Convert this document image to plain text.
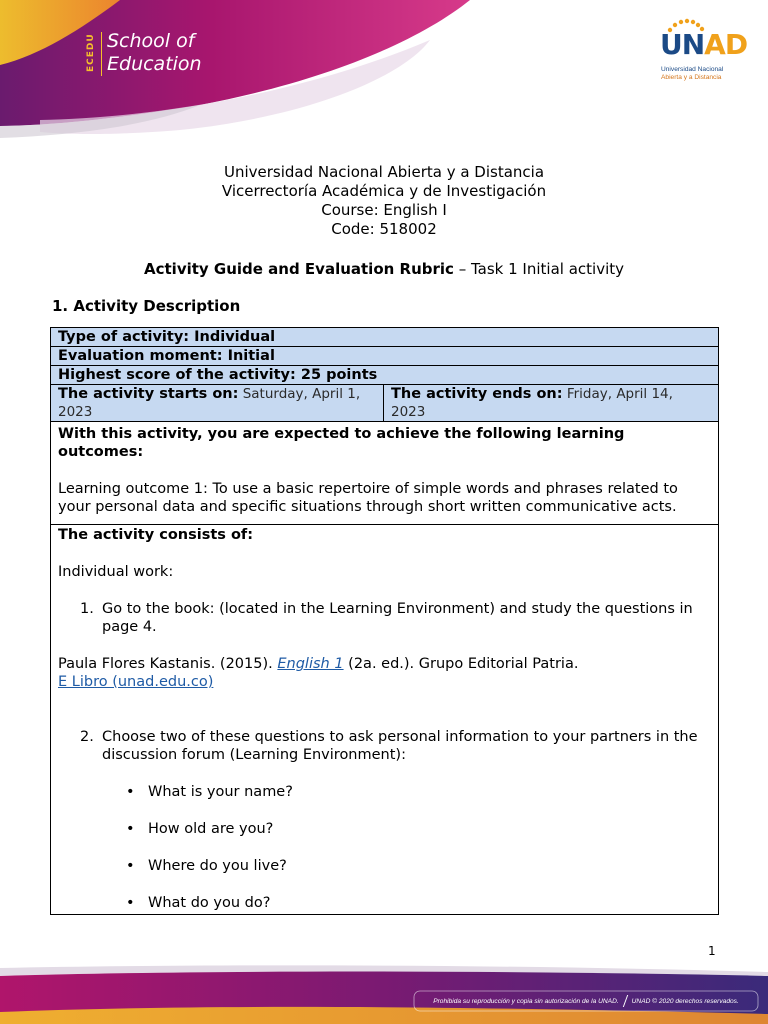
ECEDU School of
Education
UNAD
Universidad Nacional
Abierta y a Distancia
Universidad Nacional Abierta y a Distancia
Vicerrectoría Académica y de Investigación
Course: English I
Code: 518002
Activity Guide and Evaluation Rubric – Task 1 Initial activity
1. Activity Description
Type of activity: Individual
Evaluation moment: Initial
Highest score of the activity: 25 points
The activity starts on: Saturday, April 1, 2023
The activity ends on: Friday, April 14, 2023

With this activity, you are expected to achieve the following learning outcomes:

Learning outcome 1: To use a basic repertoire of simple words and phrases related to your personal data and specific situations through short written communicative acts.

The activity consists of:

Individual work:

1. Go to the book: (located in the Learning Environment) and study the questions in page 4.

Paula Flores Kastanis. (2015). English 1 (2a. ed.). Grupo Editorial Patria.

E Libro (unad.edu.co)

2. Choose two of these questions to ask personal information to your partners in the discussion forum (Learning Environment):
• What is your name?
• How old are you?
• Where do you live?
• What do you do?
1
Prohibida su reproducción y copia sin autorización de la UNAD. UNAD © 2020 derechos reservados.
